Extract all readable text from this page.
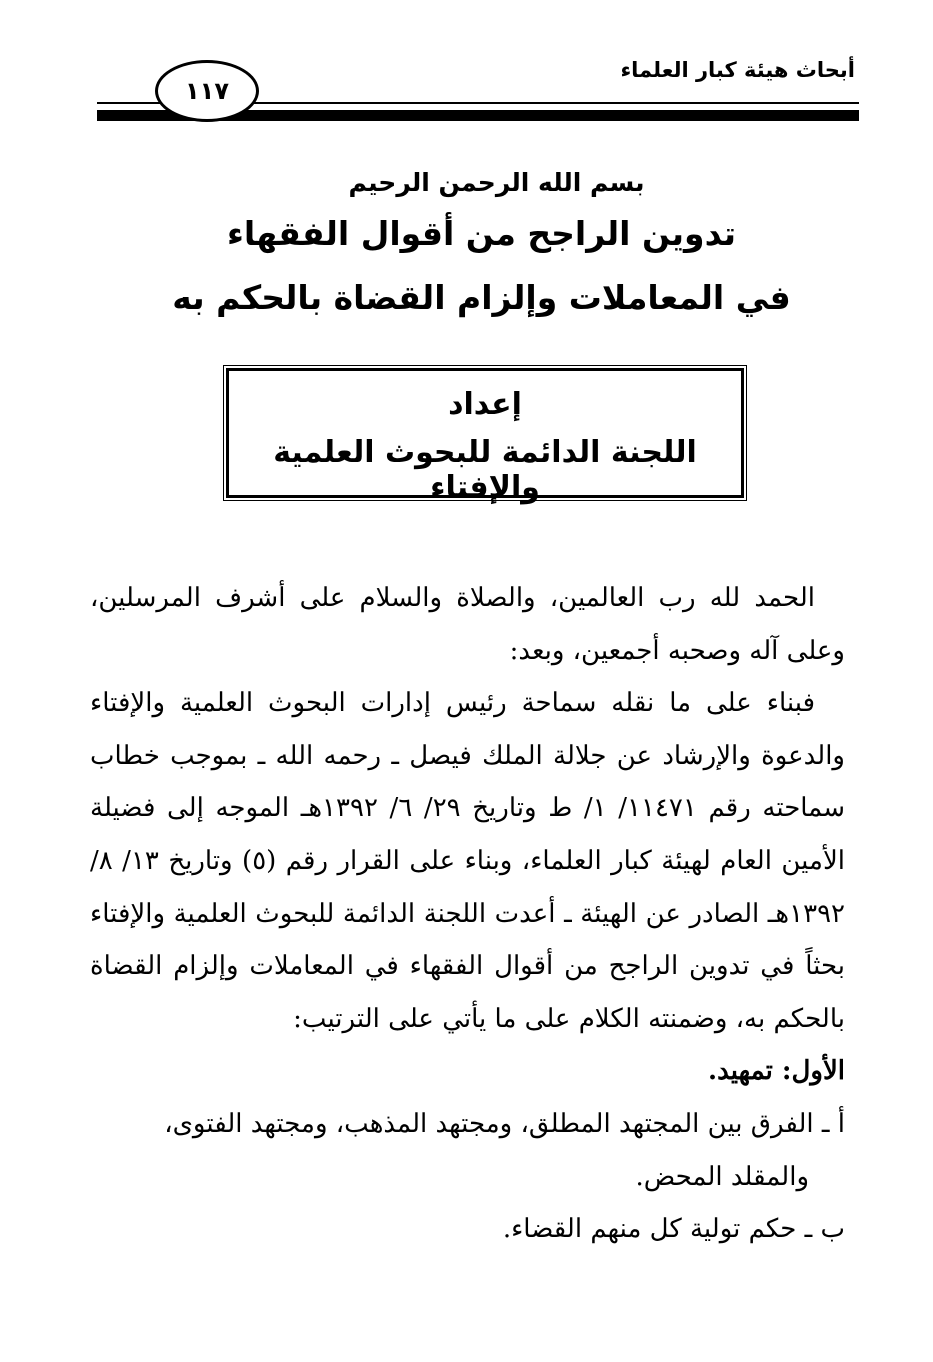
أبحاث هيئة كبار العلماء
١١٧
بسم الله الرحمن الرحيم
تدوين الراجح من أقوال الفقهاء
في المعاملات وإلزام القضاة بالحكم به
إعداد
اللجنة الدائمة للبحوث العلمية والإفتاء

الحمد لله رب العالمين، والصلاة والسلام على أشرف المرسلين، وعلى آله وصحبه أجمعين، وبعد:

فبناء على ما نقله سماحة رئيس إدارات البحوث العلمية والإفتاء والدعوة والإرشاد عن جلالة الملك فيصل ـ رحمه الله ـ بموجب خطاب سماحته رقم ١١٤٧١/ ١/ ط وتاريخ ٢٩/ ٦/ ١٣٩٢هـ الموجه إلى فضيلة الأمين العام لهيئة كبار العلماء، وبناء على القرار رقم (٥) وتاريخ ١٣/ ٨/ ١٣٩٢هـ الصادر عن الهيئة ـ أعدت اللجنة الدائمة للبحوث العلمية والإفتاء بحثاً في تدوين الراجح من أقوال الفقهاء في المعاملات وإلزام القضاة بالحكم به، وضمنته الكلام على ما يأتي على الترتيب:

الأول: تمهيد.

أ ـ الفرق بين المجتهد المطلق، ومجتهد المذهب، ومجتهد الفتوى،

والمقلد المحض.

ب ـ حكم تولية كل منهم القضاء.
